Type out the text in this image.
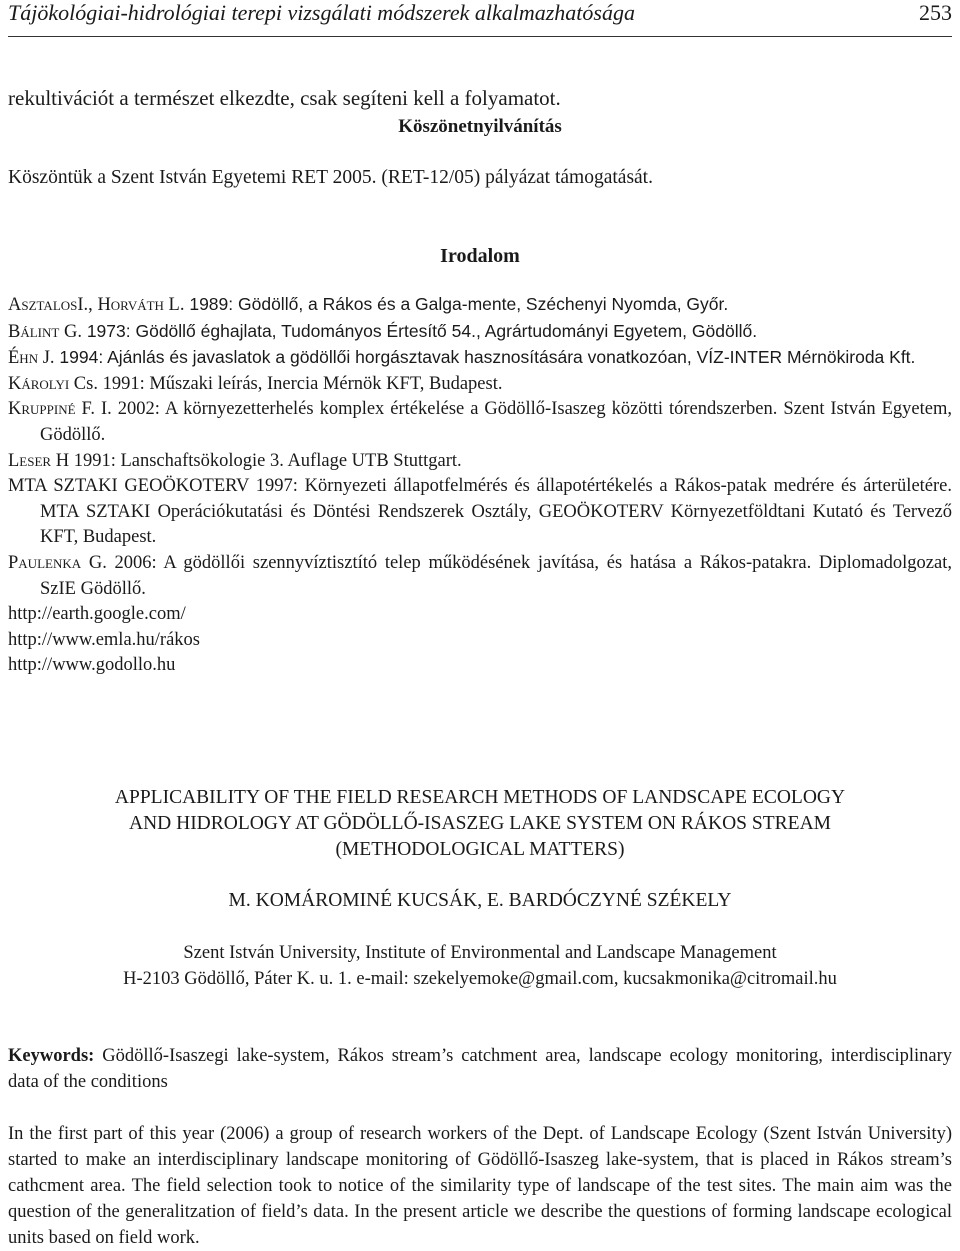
Tájökológiai-hidrológiai terepi vizsgálati módszerek alkalmazhatósága	253
rekultivációt a természet elkezdte, csak segíteni kell a folyamatot.
Köszönetnyilvánítás
Köszöntük a Szent István Egyetemi RET 2005. (RET-12/05) pályázat támogatását.
Irodalom
AsztalosI., Horváth L. 1989: Gödöllő, a Rákos és a Galga-mente, Széchenyi Nyomda, Győr.
Bálint G. 1973: Gödöllő éghajlata, Tudományos Értesítő 54., Agrártudományi Egyetem, Gödöllő.
Éhn J. 1994: Ajánlás és javaslatok a gödöllői horgásztavak hasznosítására vonatkozóan, VÍZ-INTER Mérnökiroda Kft.
Károlyi Cs. 1991: Műszaki leírás, Inercia Mérnök KFT, Budapest.
Kruppiné F. I. 2002: A környezetterhelés komplex értékelése a Gödöllő-Isaszeg közötti tórendszerben. Szent István Egyetem, Gödöllő.
Leser H 1991: Lanschaftsökologie 3. Auflage UTB Stuttgart.
MTA SZTAKI GEOÖKOTERV 1997: Környezeti állapotfelmérés és állapotértékelés a Rákos-patak medrére és árterületére. MTA SZTAKI Operációkutatási és Döntési Rendszerek Osztály, GEOÖKOTERV Környezetföldtani Kutató és Tervező KFT, Budapest.
Paulenka G. 2006: A gödöllői szennyvíztisztító telep működésének javítása, és hatása a Rákos-patakra. Diplomadolgozat, SzIE Gödöllő.
http://earth.google.com/
http://www.emla.hu/rákos
http://www.godollo.hu
APPLICABILITY OF THE FIELD RESEARCH METHODS OF LANDSCAPE ECOLOGY
AND HIDROLOGY AT GÖDÖLLŐ-ISASZEG LAKE SYSTEM ON RÁKOS STREAM
(METHODOLOGICAL MATTERS)
M. KOMÁROMINÉ KUCSÁK, E. BARDÓCZYNÉ SZÉKELY
Szent István University, Institute of Environmental and Landscape Management
H-2103 Gödöllő, Páter K. u. 1. e-mail: szekelyemoke@gmail.com, kucsakmonika@citromail.hu
Keywords: Gödöllő-Isaszegi lake-system, Rákos stream’s catchment area, landscape ecology monitoring, interdisciplinary data of the conditions
In the first part of this year (2006) a group of research workers of the Dept. of Landscape Ecology (Szent István University) started to make an interdisciplinary landscape monitoring of Gödöllő-Isaszeg lake-system, that is placed in Rákos stream’s cathcment area. The field selection took to notice of the similarity type of landscape of the test sites. The main aim was the question of the generalitzation of field’s data. In the present article we describe the questions of forming landscape ecological units based on field work.
